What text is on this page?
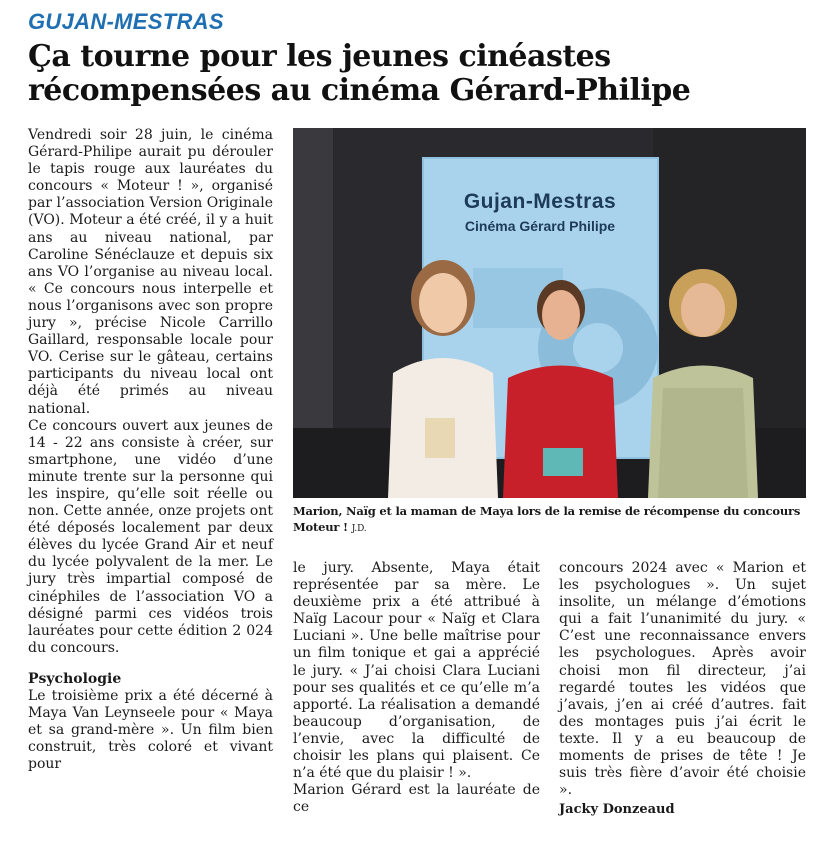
GUJAN-MESTRAS
Ça tourne pour les jeunes cinéastes récompensées au cinéma Gérard-Philipe

Vendredi soir 28 juin, le cinéma Gérard-Philipe aurait pu dérouler le tapis rouge aux lauréates du concours « Moteur ! », organisé par l’association Version Originale (VO). Moteur a été créé, il y a huit ans au niveau national, par Caroline Sénéclauze et depuis six ans VO l’organise au niveau local. « Ce concours nous interpelle et nous l’organisons avec son propre jury », précise Nicole Carrillo Gaillard, responsable locale pour VO. Cerise sur le gâteau, certains participants du niveau local ont déjà été primés au niveau national.

Ce concours ouvert aux jeunes de 14 - 22 ans consiste à créer, sur smartphone, une vidéo d’une minute trente sur la personne qui les inspire, qu’elle soit réelle ou non. Cette année, onze projets ont été déposés localement par deux élèves du lycée Grand Air et neuf du lycée polyvalent de la mer. Le jury très impartial composé de cinéphiles de l’association VO a désigné parmi ces vidéos trois lauréates pour cette édition 2 024 du concours.

Psychologie

Le troisième prix a été décerné à Maya Van Leynseele pour « Maya et sa grand-mère ». Un film bien construit, très coloré et vivant pour

Gujan-Mestras
Cinéma Gérard Philipe
Marion, Naïg et la maman de Maya lors de la remise de récompense du concours Moteur ! J.D.

le jury. Absente, Maya était représentée par sa mère. Le deuxième prix a été attribué à Naïg Lacour pour « Naïg et Clara Luciani ». Une belle maîtrise pour un film tonique et gai a apprécié le jury. « J’ai choisi Clara Luciani pour ses qualités et ce qu’elle m’a apporté. La réalisation a demandé beaucoup d’organisation, de l’envie, avec la difficulté de choisir les plans qui plaisent. Ce n’a été que du plaisir ! ».

Marion Gérard est la lauréate de ce

concours 2024 avec « Marion et les psychologues ». Un sujet insolite, un mélange d’émotions qui a fait l’unanimité du jury. « C’est une reconnaissance envers les psychologues. Après avoir choisi mon fil directeur, j’ai regardé toutes les vidéos que j’avais, j’en ai créé d’autres. fait des montages puis j’ai écrit le texte. Il y a eu beaucoup de moments de prises de tête ! Je suis très fière d’avoir été choisie ».

Jacky Donzeaud
